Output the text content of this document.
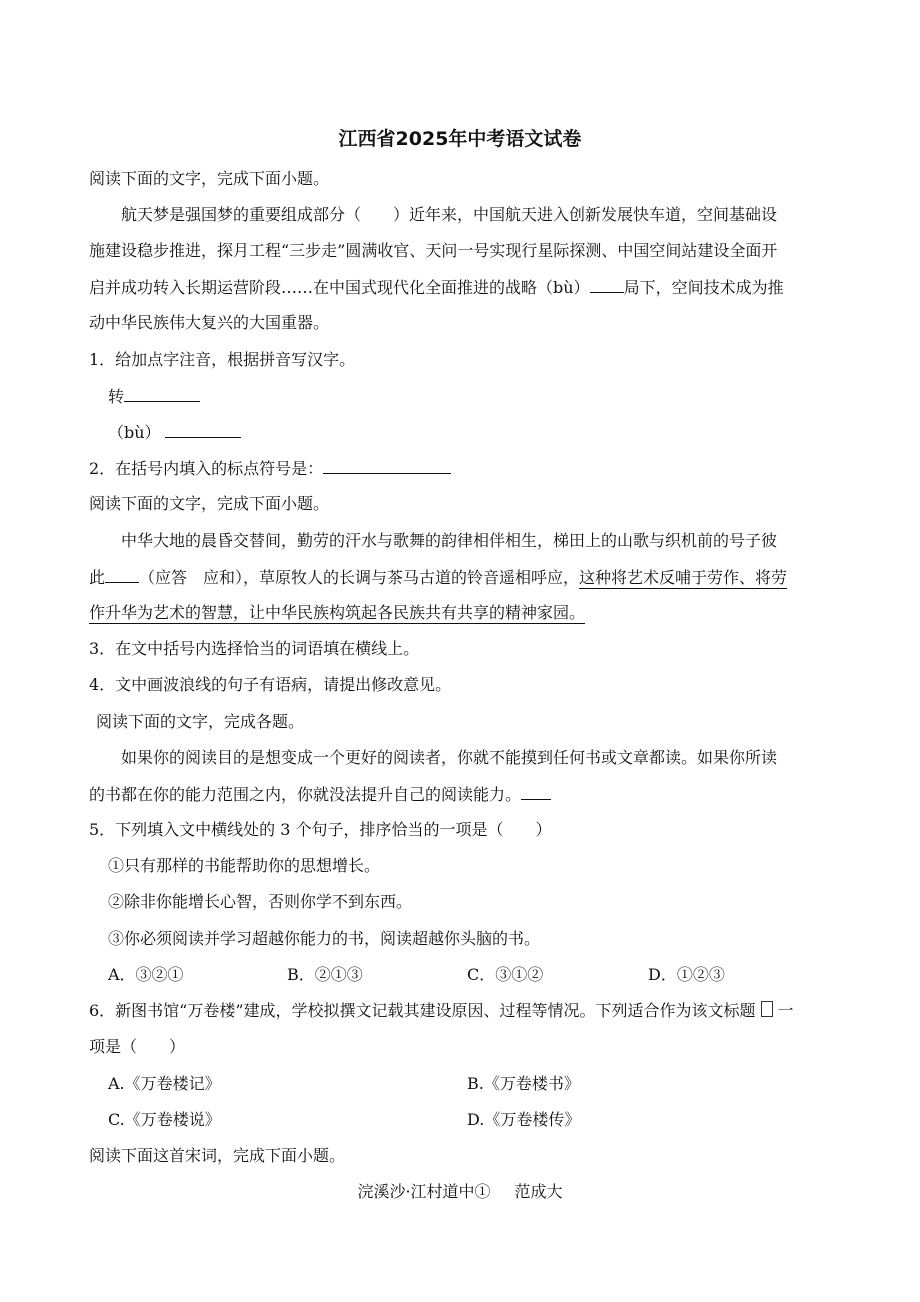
江西省2025年中考语文试卷
阅读下面的文字，完成下面小题。
航天梦是强国梦的重要组成部分（　　）近年来，中国航天进入创新发展快车道，空间基础设
施建设稳步推进，探月工程“三步走”圆满收官、天问一号实现行星际探测、中国空间站建设全面开
启并成功转入长期运营阶段……在中国式现代化全面推进的战略（bù） 局下，空间技术成为推
动中华民族伟大复兴的大国重器。
1．给加点字注音，根据拼音写汉字。
转
（bù）
2．在括号内填入的标点符号是：
阅读下面的文字，完成下面小题。
中华大地的晨昏交替间，勤劳的汗水与歌舞的韵律相伴相生，梯田上的山歌与织机前的号子彼
此 （应答　应和），草原牧人的长调与茶马古道的铃音遥相呼应，这种将艺术反哺于劳作、将劳
作升华为艺术的智慧，让中华民族构筑起各民族共有共享的精神家园。
3．在文中括号内选择恰当的词语填在横线上。
4．文中画波浪线的句子有语病，请提出修改意见。
阅读下面的文字，完成各题。
如果你的阅读目的是想变成一个更好的阅读者，你就不能摸到任何书或文章都读。如果你所读
的书都在你的能力范围之内，你就没法提升自己的阅读能力。
5．下列填入文中横线处的 3 个句子，排序恰当的一项是（　　）
①只有那样的书能帮助你的思想增长。
②除非你能增长心智，否则你学不到东西。
③你必须阅读并学习超越你能力的书，阅读超越你头脑的书。
A．③②①	B．②①③	C．③①②	D．①②③
6．新图书馆“万卷楼”建成，学校拟撰文记载其建设原因、过程等情况。下列适合作为该文标题 一
项是（　　）
A.《万卷楼记》	B.《万卷楼书》
C.《万卷楼说》	D.《万卷楼传》
阅读下面这首宋词，完成下面小题。
浣溪沙·江村道中① 范成大
